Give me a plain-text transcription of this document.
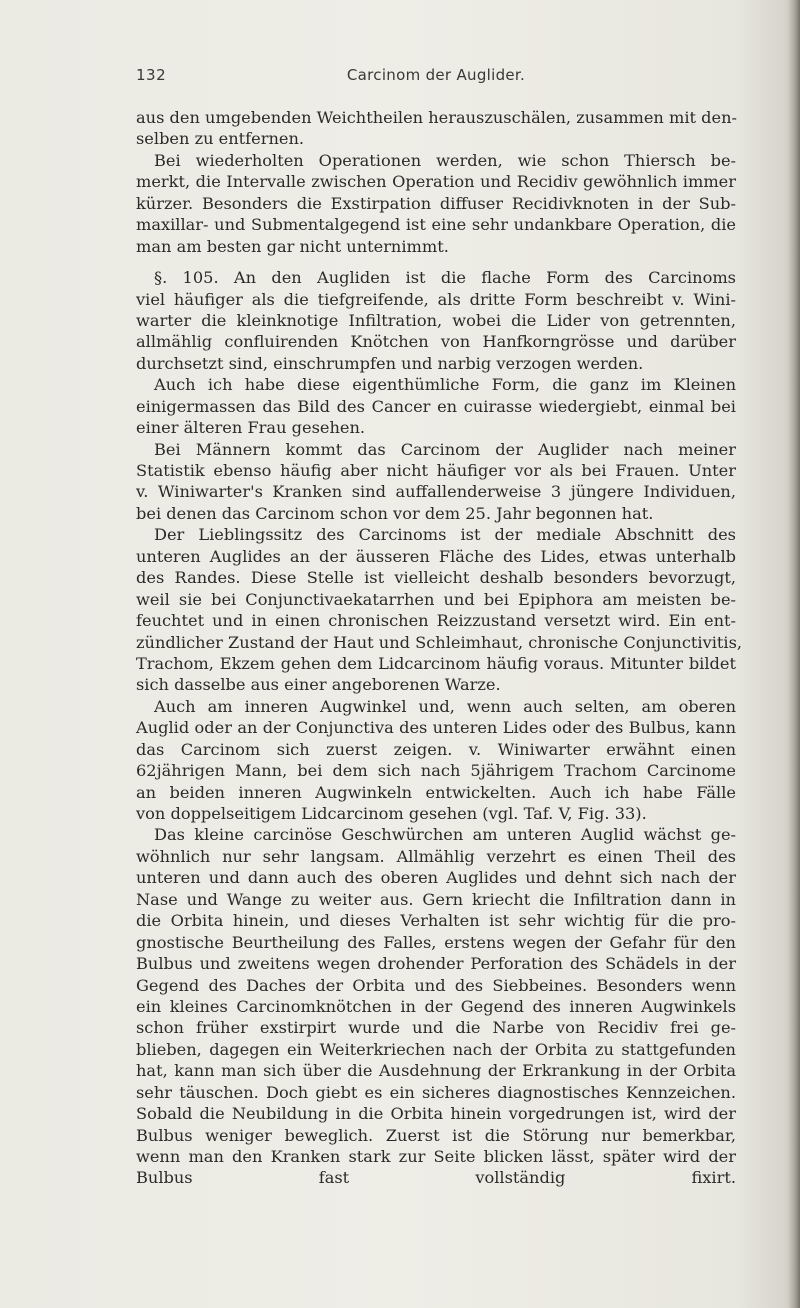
132	Carcinom der Auglider.
aus den umgebenden Weichtheilen herauszuschälen, zusammen mit den-
selben zu entfernen.
Bei wiederholten Operationen werden, wie schon Thiersch be-
merkt, die Intervalle zwischen Operation und Recidiv gewöhnlich immer
kürzer. Besonders die Exstirpation diffuser Recidivknoten in der Sub-
maxillar- und Submentalgegend ist eine sehr undankbare Operation, die
man am besten gar nicht unternimmt.
§. 105. An den Augliden ist die flache Form des Carcinoms
viel häufiger als die tiefgreifende, als dritte Form beschreibt v. Wini-
warter die kleinknotige Infiltration, wobei die Lider von getrennten,
allmählig confluirenden Knötchen von Hanfkorngrösse und darüber
durchsetzt sind, einschrumpfen und narbig verzogen werden.
Auch ich habe diese eigenthümliche Form, die ganz im Kleinen
einigermassen das Bild des Cancer en cuirasse wiedergiebt, einmal bei
einer älteren Frau gesehen.
Bei Männern kommt das Carcinom der Auglider nach meiner
Statistik ebenso häufig aber nicht häufiger vor als bei Frauen. Unter
v. Winiwarter's Kranken sind auffallenderweise 3 jüngere Individuen,
bei denen das Carcinom schon vor dem 25. Jahr begonnen hat.
Der Lieblingssitz des Carcinoms ist der mediale Abschnitt des
unteren Auglides an der äusseren Fläche des Lides, etwas unterhalb
des Randes. Diese Stelle ist vielleicht deshalb besonders bevorzugt,
weil sie bei Conjunctivaekatarrhen und bei Epiphora am meisten be-
feuchtet und in einen chronischen Reizzustand versetzt wird. Ein ent-
zündlicher Zustand der Haut und Schleimhaut, chronische Conjunctivitis,
Trachom, Ekzem gehen dem Lidcarcinom häufig voraus. Mitunter bildet
sich dasselbe aus einer angeborenen Warze.
Auch am inneren Augwinkel und, wenn auch selten, am oberen
Auglid oder an der Conjunctiva des unteren Lides oder des Bulbus, kann
das Carcinom sich zuerst zeigen. v. Winiwarter erwähnt einen
62jährigen Mann, bei dem sich nach 5jährigem Trachom Carcinome
an beiden inneren Augwinkeln entwickelten. Auch ich habe Fälle
von doppelseitigem Lidcarcinom gesehen (vgl. Taf. V, Fig. 33).
Das kleine carcinöse Geschwürchen am unteren Auglid wächst ge-
wöhnlich nur sehr langsam. Allmählig verzehrt es einen Theil des
unteren und dann auch des oberen Auglides und dehnt sich nach der
Nase und Wange zu weiter aus. Gern kriecht die Infiltration dann in
die Orbita hinein, und dieses Verhalten ist sehr wichtig für die pro-
gnostische Beurtheilung des Falles, erstens wegen der Gefahr für den
Bulbus und zweitens wegen drohender Perforation des Schädels in der
Gegend des Daches der Orbita und des Siebbeines. Besonders wenn
ein kleines Carcinomknötchen in der Gegend des inneren Augwinkels
schon früher exstirpirt wurde und die Narbe von Recidiv frei ge-
blieben, dagegen ein Weiterkriechen nach der Orbita zu stattgefunden
hat, kann man sich über die Ausdehnung der Erkrankung in der Orbita
sehr täuschen. Doch giebt es ein sicheres diagnostisches Kennzeichen.
Sobald die Neubildung in die Orbita hinein vorgedrungen ist, wird der
Bulbus weniger beweglich. Zuerst ist die Störung nur bemerkbar,
wenn man den Kranken stark zur Seite blicken lässt, später wird der
Bulbus fast vollständig fixirt.
